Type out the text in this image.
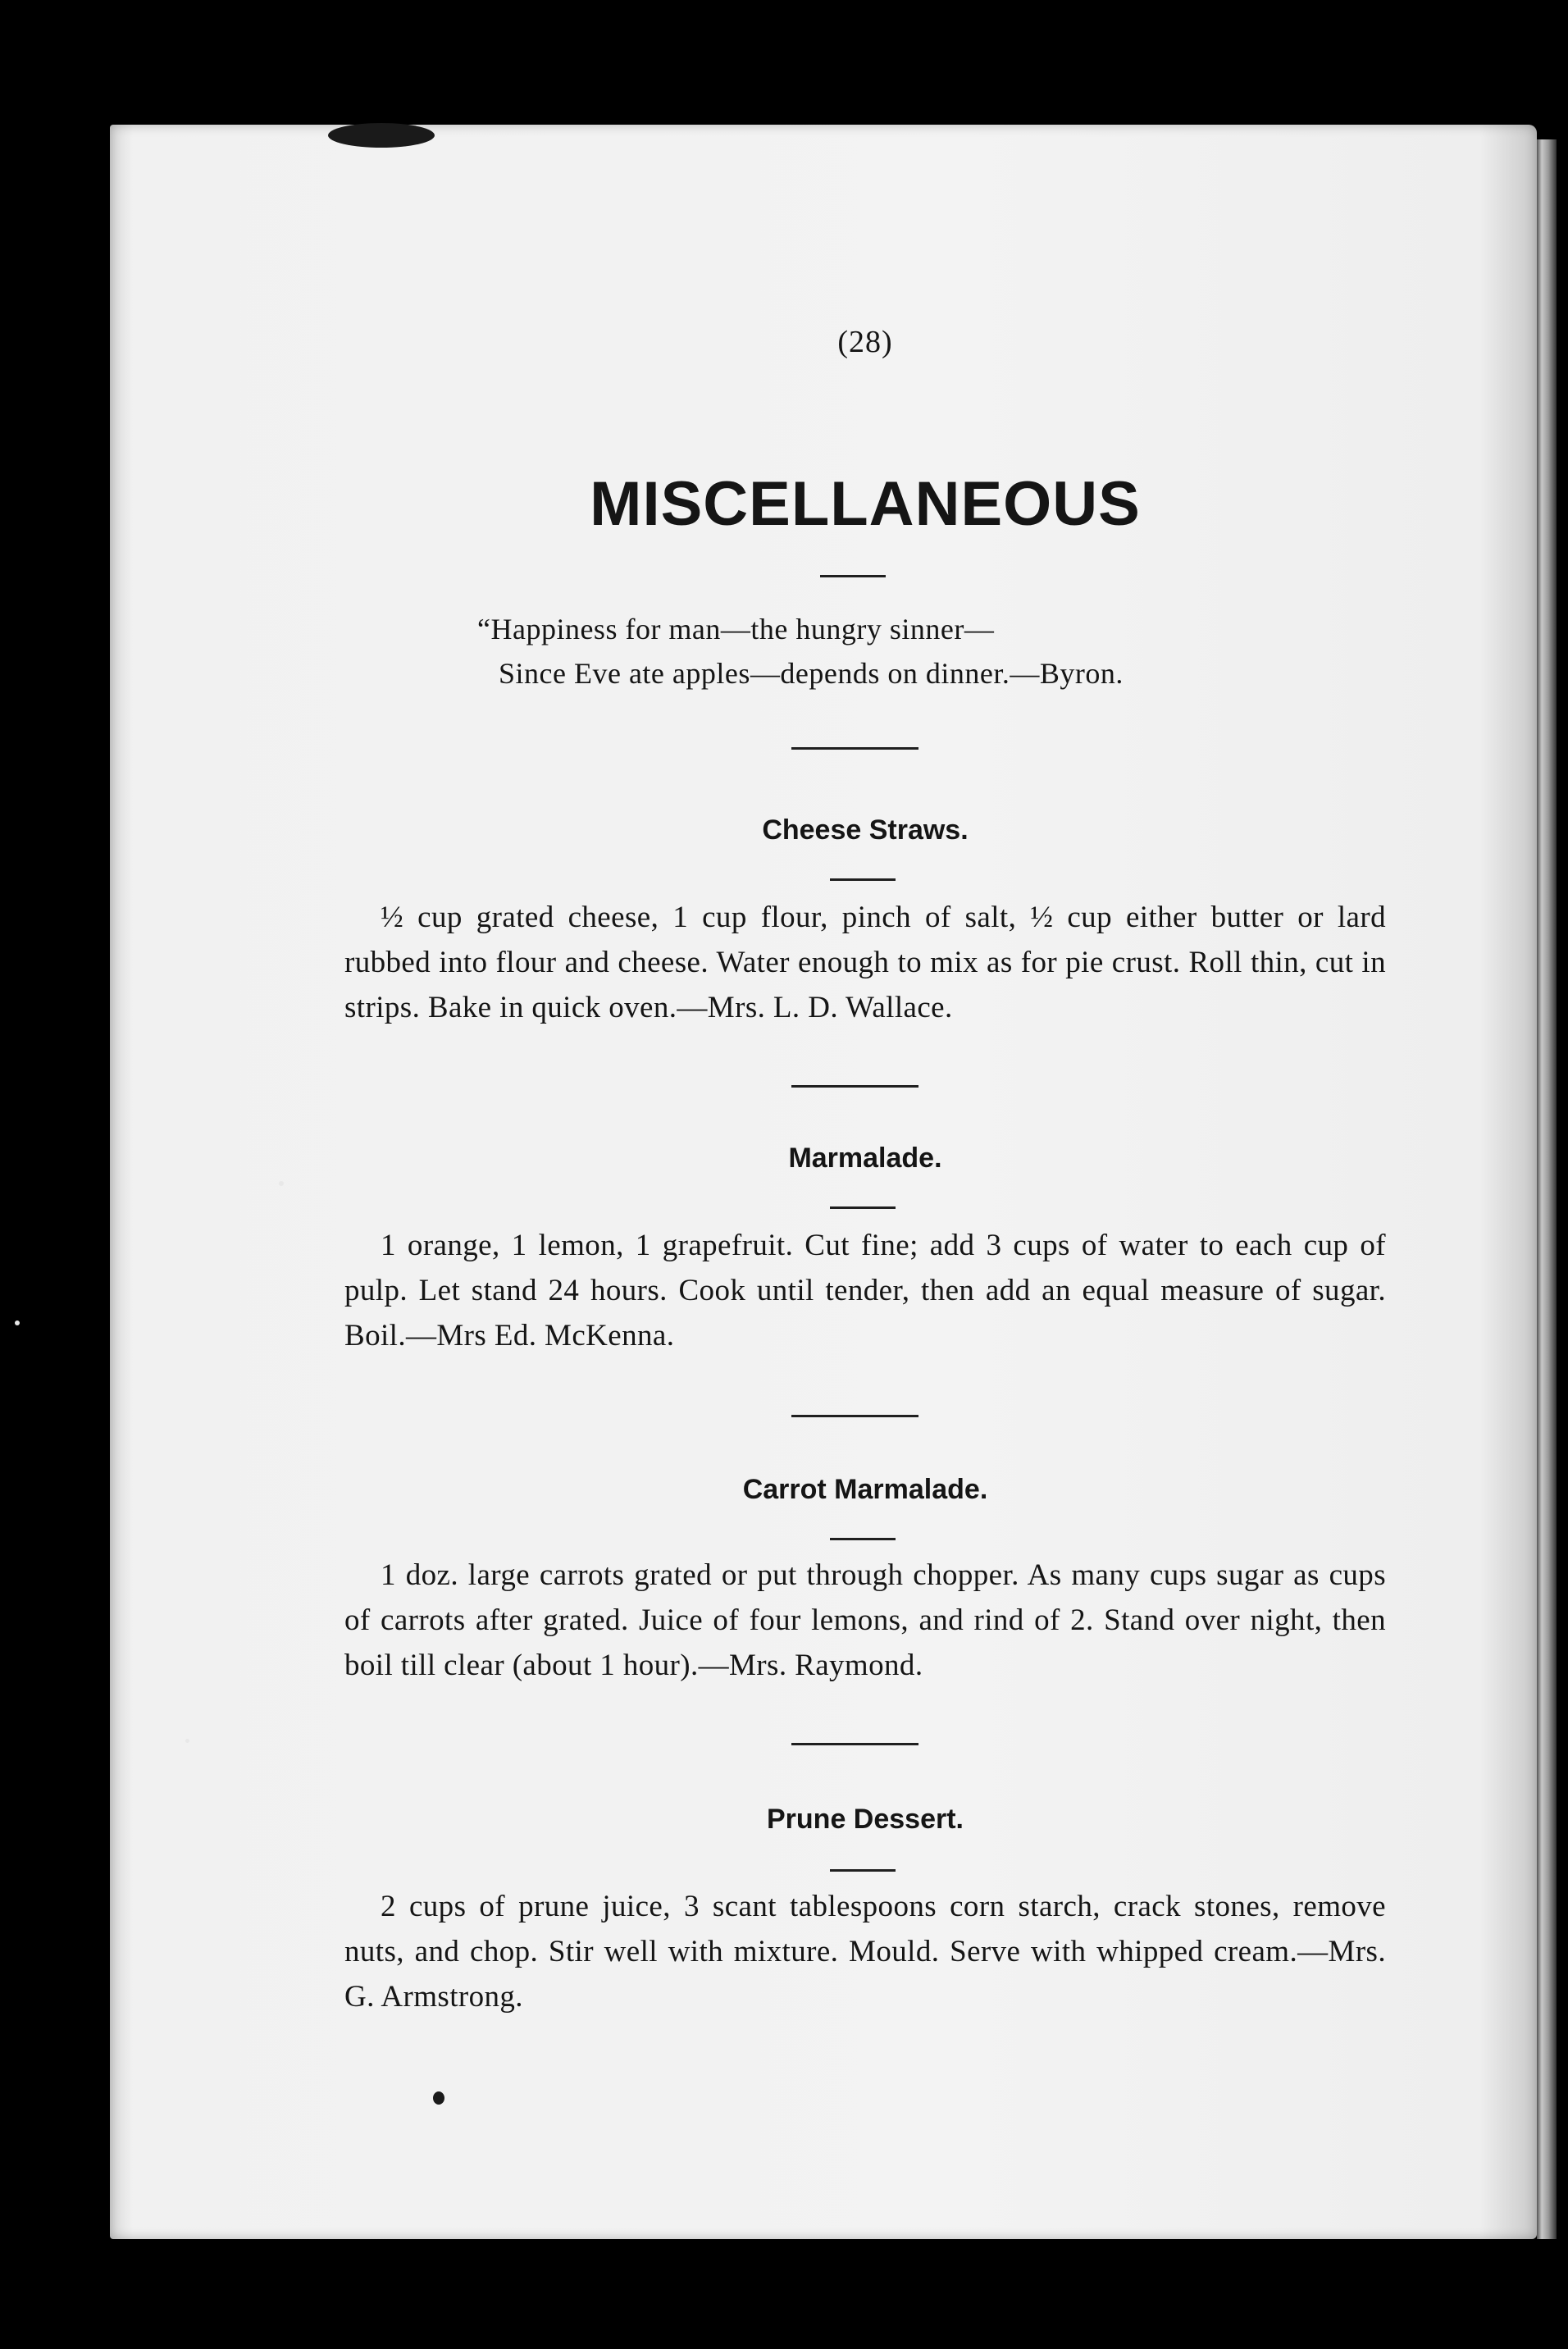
(28)
MISCELLANEOUS
“Happiness for man—the hungry sinner—
Since Eve ate apples—depends on dinner.—Byron.
Cheese Straws.
½ cup grated cheese, 1 cup flour, pinch of salt, ½ cup either butter or lard rubbed into flour and cheese. Water enough to mix as for pie crust. Roll thin, cut in strips. Bake in quick oven.—Mrs. L. D. Wallace.
Marmalade.
1 orange, 1 lemon, 1 grapefruit. Cut fine; add 3 cups of water to each cup of pulp. Let stand 24 hours. Cook until tender, then add an equal measure of sugar. Boil.—Mrs Ed. McKenna.
Carrot Marmalade.
1 doz. large carrots grated or put through chopper. As many cups sugar as cups of carrots after grated. Juice of four lemons, and rind of 2. Stand over night, then boil till clear (about 1 hour).—Mrs. Raymond.
Prune Dessert.
2 cups of prune juice, 3 scant tablespoons corn starch, crack stones, remove nuts, and chop. Stir well with mixture. Mould. Serve with whipped cream.—Mrs. G. Armstrong.
